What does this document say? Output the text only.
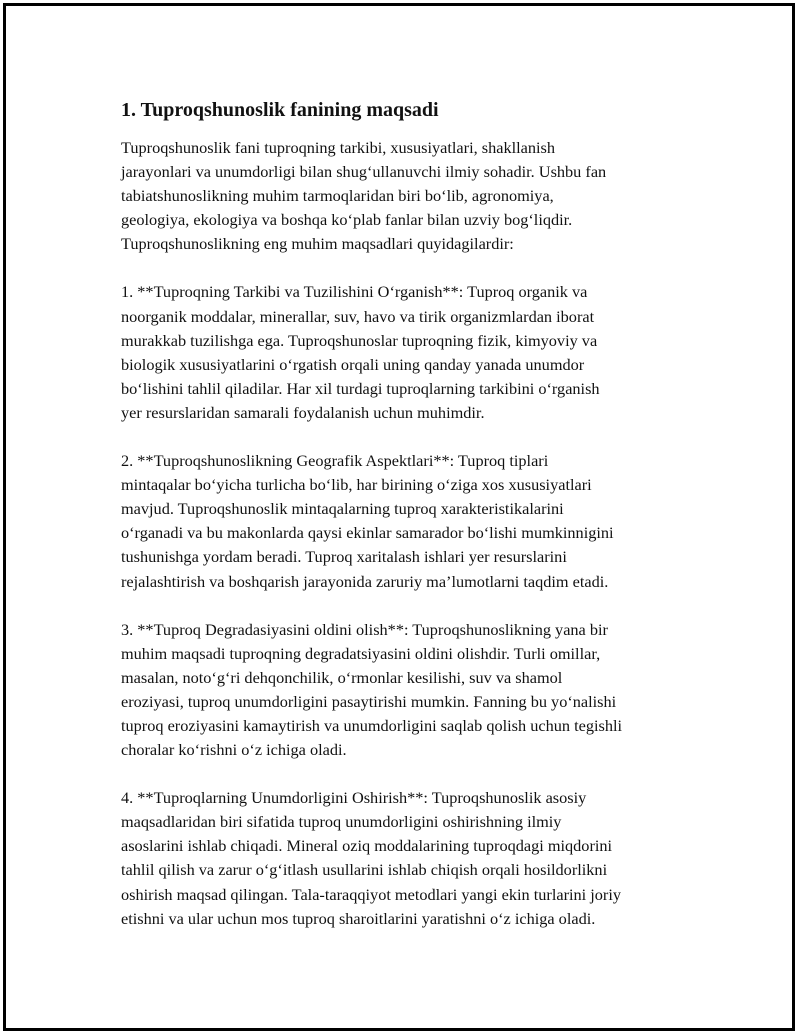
1. Tuproqshunoslik fanining maqsadi
Tuproqshunoslik fani tuproqning tarkibi, xususiyatlari, shakllanish
jarayonlari va unumdorligi bilan shug‘ullanuvchi ilmiy sohadir. Ushbu fan
tabiatshunoslikning muhim tarmoqlaridan biri bo‘lib, agronomiya,
geologiya, ekologiya va boshqa ko‘plab fanlar bilan uzviy bog‘liqdir.
Tuproqshunoslikning eng muhim maqsadlari quyidagilardir:
1. **Tuproqning Tarkibi va Tuzilishini O‘rganish**: Tuproq organik va
noorganik moddalar, minerallar, suv, havo va tirik organizmlardan iborat
murakkab tuzilishga ega. Tuproqshunoslar tuproqning fizik, kimyoviy va
biologik xususiyatlarini o‘rgatish orqali uning qanday yanada unumdor
bo‘lishini tahlil qiladilar. Har xil turdagi tuproqlarning tarkibini o‘rganish
yer resurslaridan samarali foydalanish uchun muhimdir.
2. **Tuproqshunoslikning Geografik Aspektlari**: Tuproq tiplari
mintaqalar bo‘yicha turlicha bo‘lib, har birining o‘ziga xos xususiyatlari
mavjud. Tuproqshunoslik mintaqalarning tuproq xarakteristikalarini
o‘rganadi va bu makonlarda qaysi ekinlar samarador bo‘lishi mumkinnigini
tushunishga yordam beradi. Tuproq xaritalash ishlari yer resurslarini
rejalashtirish va boshqarish jarayonida zaruriy ma’lumotlarni taqdim etadi.
3. **Tuproq Degradasiyasini oldini olish**: Tuproqshunoslikning yana bir
muhim maqsadi tuproqning degradatsiyasini oldini olishdir. Turli omillar,
masalan, noto‘g‘ri dehqonchilik, o‘rmonlar kesilishi, suv va shamol
eroziyasi, tuproq unumdorligini pasaytirishi mumkin. Fanning bu yo‘nalishi
tuproq eroziyasini kamaytirish va unumdorligini saqlab qolish uchun tegishli
choralar ko‘rishni o‘z ichiga oladi.
4. **Tuproqlarning Unumdorligini Oshirish**: Tuproqshunoslik asosiy
maqsadlaridan biri sifatida tuproq unumdorligini oshirishning ilmiy
asoslarini ishlab chiqadi. Mineral oziq moddalarining tuproqdagi miqdorini
tahlil qilish va zarur o‘g‘itlash usullarini ishlab chiqish orqali hosildorlikni
oshirish maqsad qilingan. Tala-taraqqiyot metodlari yangi ekin turlarini joriy
etishni va ular uchun mos tuproq sharoitlarini yaratishni o‘z ichiga oladi.
